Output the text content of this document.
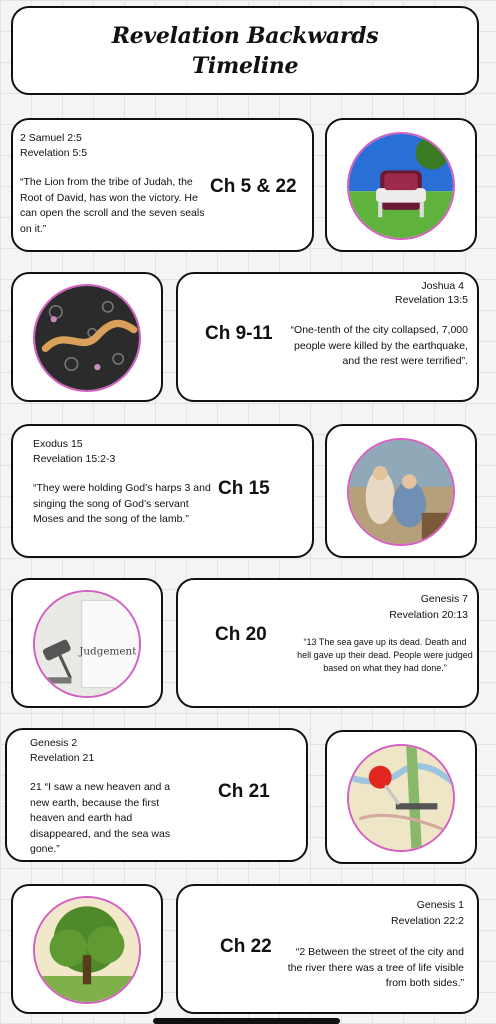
Revelation Backwards
Timeline
2 Samuel 2:5
Revelation 5:5
“The Lion from the tribe of Judah, the Root of David, has won the victory. He can open the scroll and the seven seals on it.”
Ch 5 & 22
Joshua 4
Revelation 13:5
Ch 9-11 “One-tenth of the city collapsed, 7,000 people were killed by the earthquake, and the rest were terrified”.
Exodus 15
Revelation 15:2-3
“They were holding God’s harps 3 and singing the song of God’s servant Moses and the song of the lamb.”
Ch 15
Judgement
Genesis 7
Revelation 20:13
Ch 20	“13 The sea gave up its dead. Death and hell gave up their dead. People were judged based on what they had done.”
Genesis 2
Revelation 21
21 “I saw a new heaven and a new earth, because the first heaven and earth had disappeared, and the sea was gone.”
Ch 21
Genesis 1
Revelation 22:2
Ch 22	“2 Between the street of the city and the river there was a tree of life visible from both sides.”
